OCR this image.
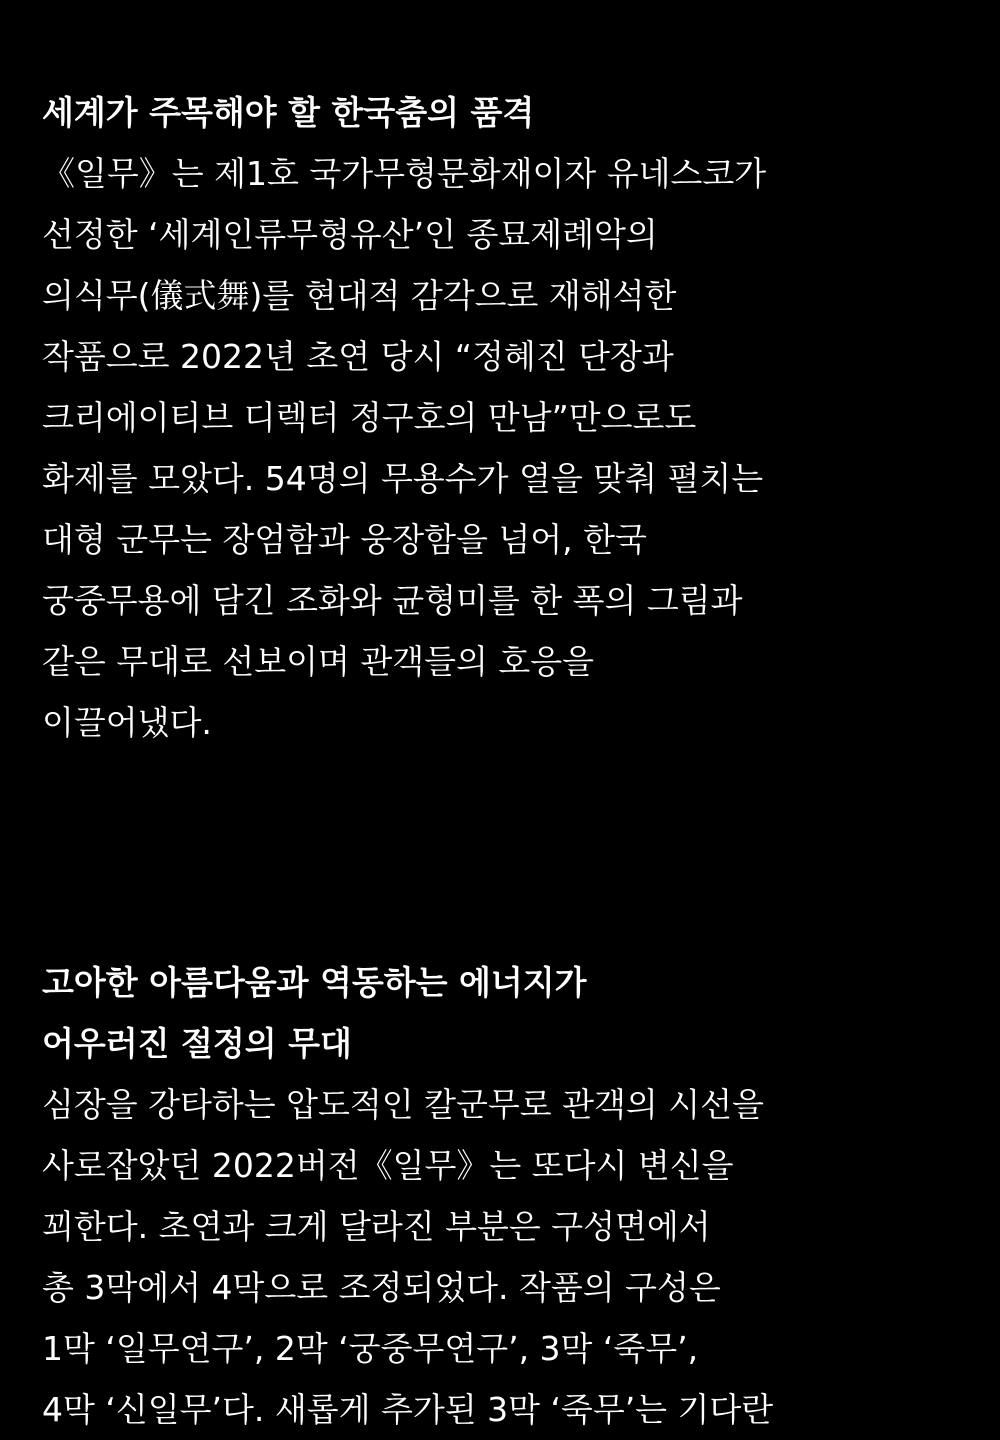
세계가 주목해야 할 한국춤의 품격
《일무》는 제1호 국가무형문화재이자 유네스코가
선정한 ‘세계인류무형유산’인 종묘제례악의
의식무(儀式舞)를 현대적 감각으로 재해석한
작품으로 2022년 초연 당시 “정혜진 단장과
크리에이티브 디렉터 정구호의 만남”만으로도
화제를 모았다. 54명의 무용수가 열을 맞춰 펼치는
대형 군무는 장엄함과 웅장함을 넘어, 한국
궁중무용에 담긴 조화와 균형미를 한 폭의 그림과
같은 무대로 선보이며 관객들의 호응을
이끌어냈다.
고아한 아름다움과 역동하는 에너지가
어우러진 절정의 무대
심장을 강타하는 압도적인 칼군무로 관객의 시선을
사로잡았던 2022버전《일무》는 또다시 변신을
꾀한다. 초연과 크게 달라진 부분은 구성면에서
총 3막에서 4막으로 조정되었다. 작품의 구성은
1막 ‘일무연구’, 2막 ‘궁중무연구’, 3막 ‘죽무’,
4막 ‘신일무’다. 새롭게 추가된 3막 ‘죽무’는 기다란
